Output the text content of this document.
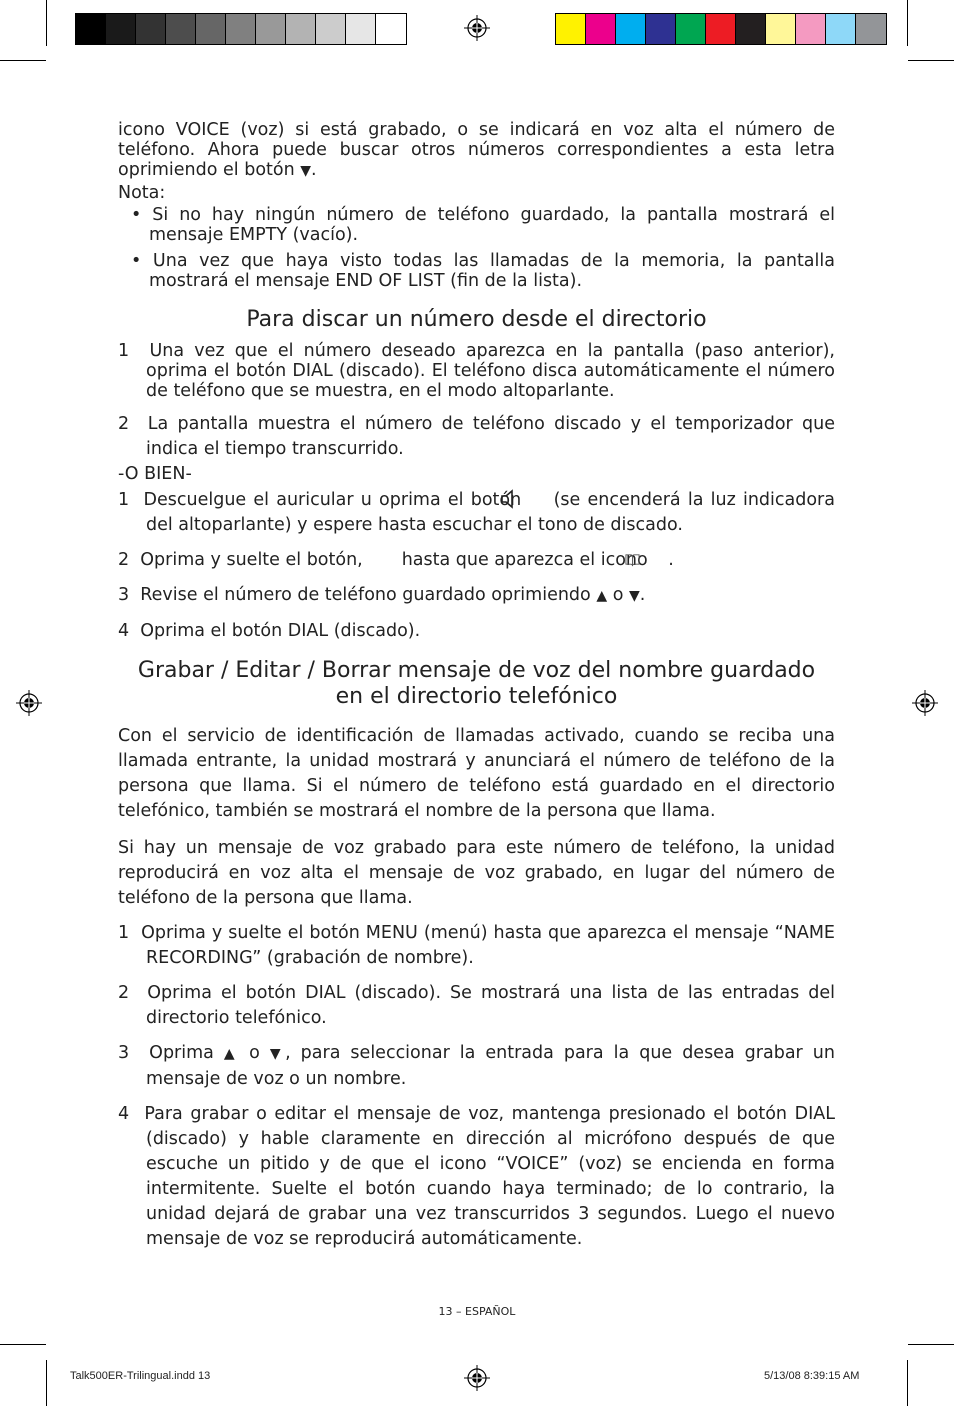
icono VOICE (voz) si está grabado, o se indicará en voz alta el número de teléfono. Ahora puede buscar otros números correspondientes a esta letra oprimiendo el botón ▼.

Nota:

• Si no hay ningún número de teléfono guardado, la pantalla mostrará el mensaje EMPTY (vacío).

• Una vez que haya visto todas las llamadas de la memoria, la pantalla mostrará el mensaje END OF LIST (fin de la lista).

Para discar un número desde el directorio

1 Una vez que el número deseado aparezca en la pantalla (paso anterior), oprima el botón DIAL (discado). El teléfono disca automáticamente el número de teléfono que se muestra, en el modo altoparlante.

2 La pantalla muestra el número de teléfono discado y el temporizador que indica el tiempo transcurrido.

-O BIEN-

1 Descuelgue el auricular u oprima el botón (se encenderá la luz indicadora del altoparlante) y espere hasta escuchar el tono de discado.

2 Oprima y suelte el botón, hasta que aparezca el icono .

3 Revise el número de teléfono guardado oprimiendo ▲ o ▼.

4 Oprima el botón DIAL (discado).

Grabar / Editar / Borrar mensaje de voz del nombre guardado
en el directorio telefónico

Con el servicio de identificación de llamadas activado, cuando se reciba una llamada entrante, la unidad mostrará y anunciará el número de teléfono de la persona que llama. Si el número de teléfono está guardado en el directorio telefónico, también se mostrará el nombre de la persona que llama.

Si hay un mensaje de voz grabado para este número de teléfono, la unidad reproducirá en voz alta el mensaje de voz grabado, en lugar del número de teléfono de la persona que llama.

1 Oprima y suelte el botón MENU (menú) hasta que aparezca el mensaje “NAME RECORDING” (grabación de nombre).

2 Oprima el botón DIAL (discado). Se mostrará una lista de las entradas del directorio telefónico.

3 Oprima ▲ o ▼, para seleccionar la entrada para la que desea grabar un mensaje de voz o un nombre.

4 Para grabar o editar el mensaje de voz, mantenga presionado el botón DIAL (discado) y hable claramente en dirección al micrófono después de que escuche un pitido y de que el icono “VOICE” (voz) se encienda en forma intermitente. Suelte el botón cuando haya terminado; de lo contrario, la unidad dejará de grabar una vez transcurridos 3 segundos. Luego el nuevo mensaje de voz se reproducirá automáticamente.

13 – ESPAÑOL
Talk500ER-Trilingual.indd 13	5/13/08 8:39:15 AM
